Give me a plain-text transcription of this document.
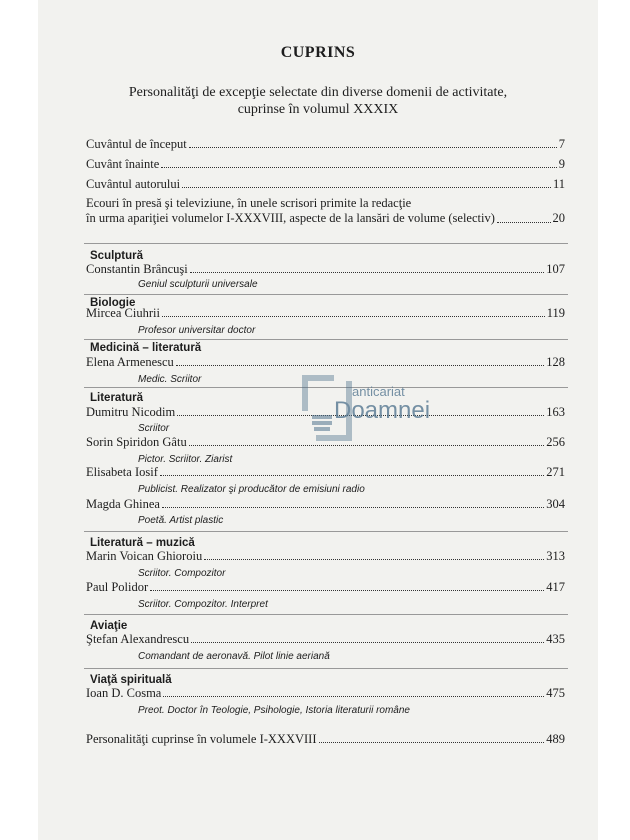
CUPRINS
Personalităţi de excepţie selectate din diverse domenii de activitate,
cuprinse în volumul XXXIX
Cuvântul de început	7
Cuvânt înainte	9
Cuvântul autorului	11
Ecouri în presă şi televiziune, în unele scrisori primite la redacţie
în urma apariţiei volumelor I-XXXVIII, aspecte de la lansări de volume (selectiv)	20
Sculptură
Constantin Brâncuşi	107
Geniul sculpturii universale
Biologie
Mircea Ciuhrii	119
Profesor universitar doctor
Medicină – literatură
Elena Armenescu	128
Medic. Scriitor
Literatură
Dumitru Nicodim	163
Scriitor
Sorin Spiridon Gâtu	256
Pictor. Scriitor. Ziarist
Elisabeta Iosif	271
Publicist. Realizator şi producător de emisiuni radio
Magda Ghinea	304
Poetă. Artist plastic
Literatură – muzică
Marin Voican Ghioroiu	313
Scriitor. Compozitor
Paul Polidor	417
Scriitor. Compozitor. Interpret
Aviaţie
Ştefan Alexandrescu	435
Comandant de aeronavă. Pilot linie aeriană
Viaţă spirituală
Ioan D. Cosma	475
Preot. Doctor în Teologie, Psihologie, Istoria literaturii române
Personalităţi cuprinse în volumele I-XXXVIII	489
anticariat
Doamnei
